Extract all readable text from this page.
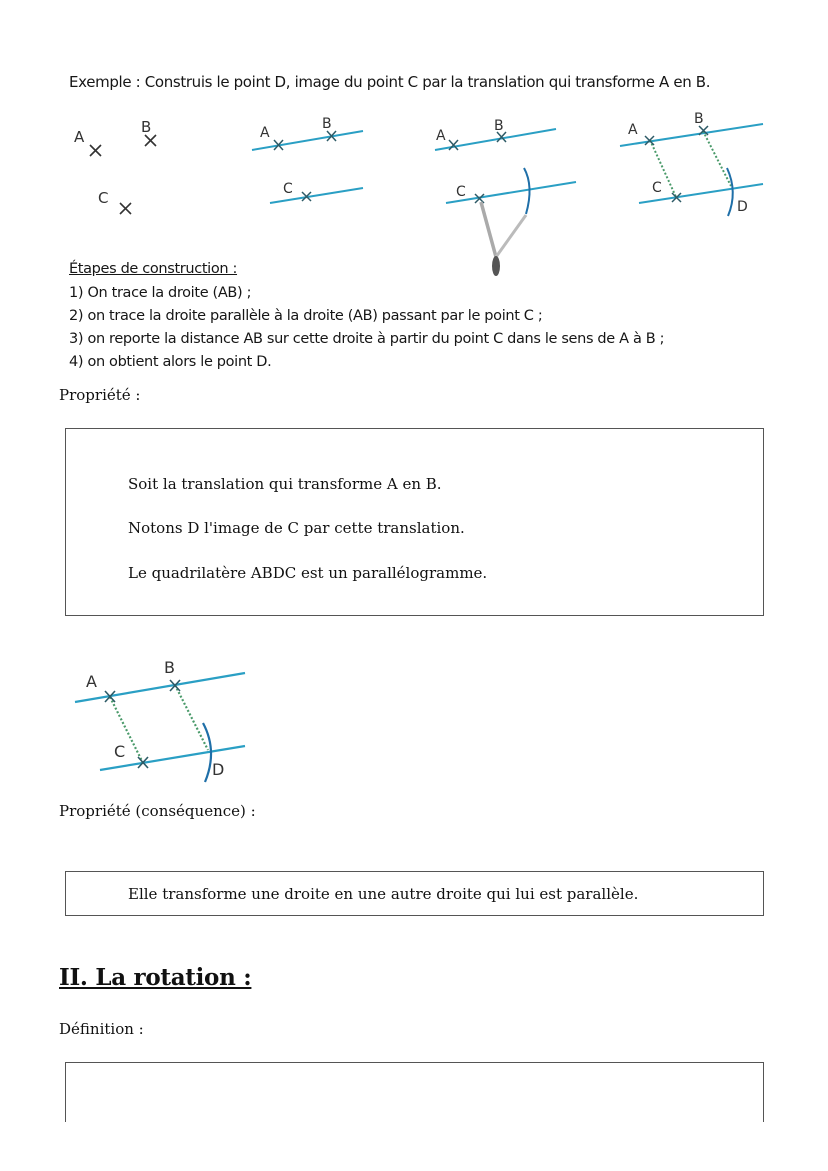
Exemple : Construis le point D, image du point C par la translation qui transforme A en B.
A
B
C
A
B
C
A
B
C
A
B
C
D
Étapes de construction :
1) On trace la droite (AB) ;
2) on trace la droite parallèle à la droite (AB) passant par le point C ;
3) on reporte la distance AB sur cette droite à partir du point C dans le sens de A à B ;
4) on obtient alors le point D.
Propriété :
Soit la translation qui transforme A en B.
Notons D l'image de C par cette translation.
Le quadrilatère ABDC est un parallélogramme.
A
B
C
D
Propriété (conséquence) :
Elle transforme une droite en une autre droite qui lui est parallèle.
II. La rotation :
Définition :
